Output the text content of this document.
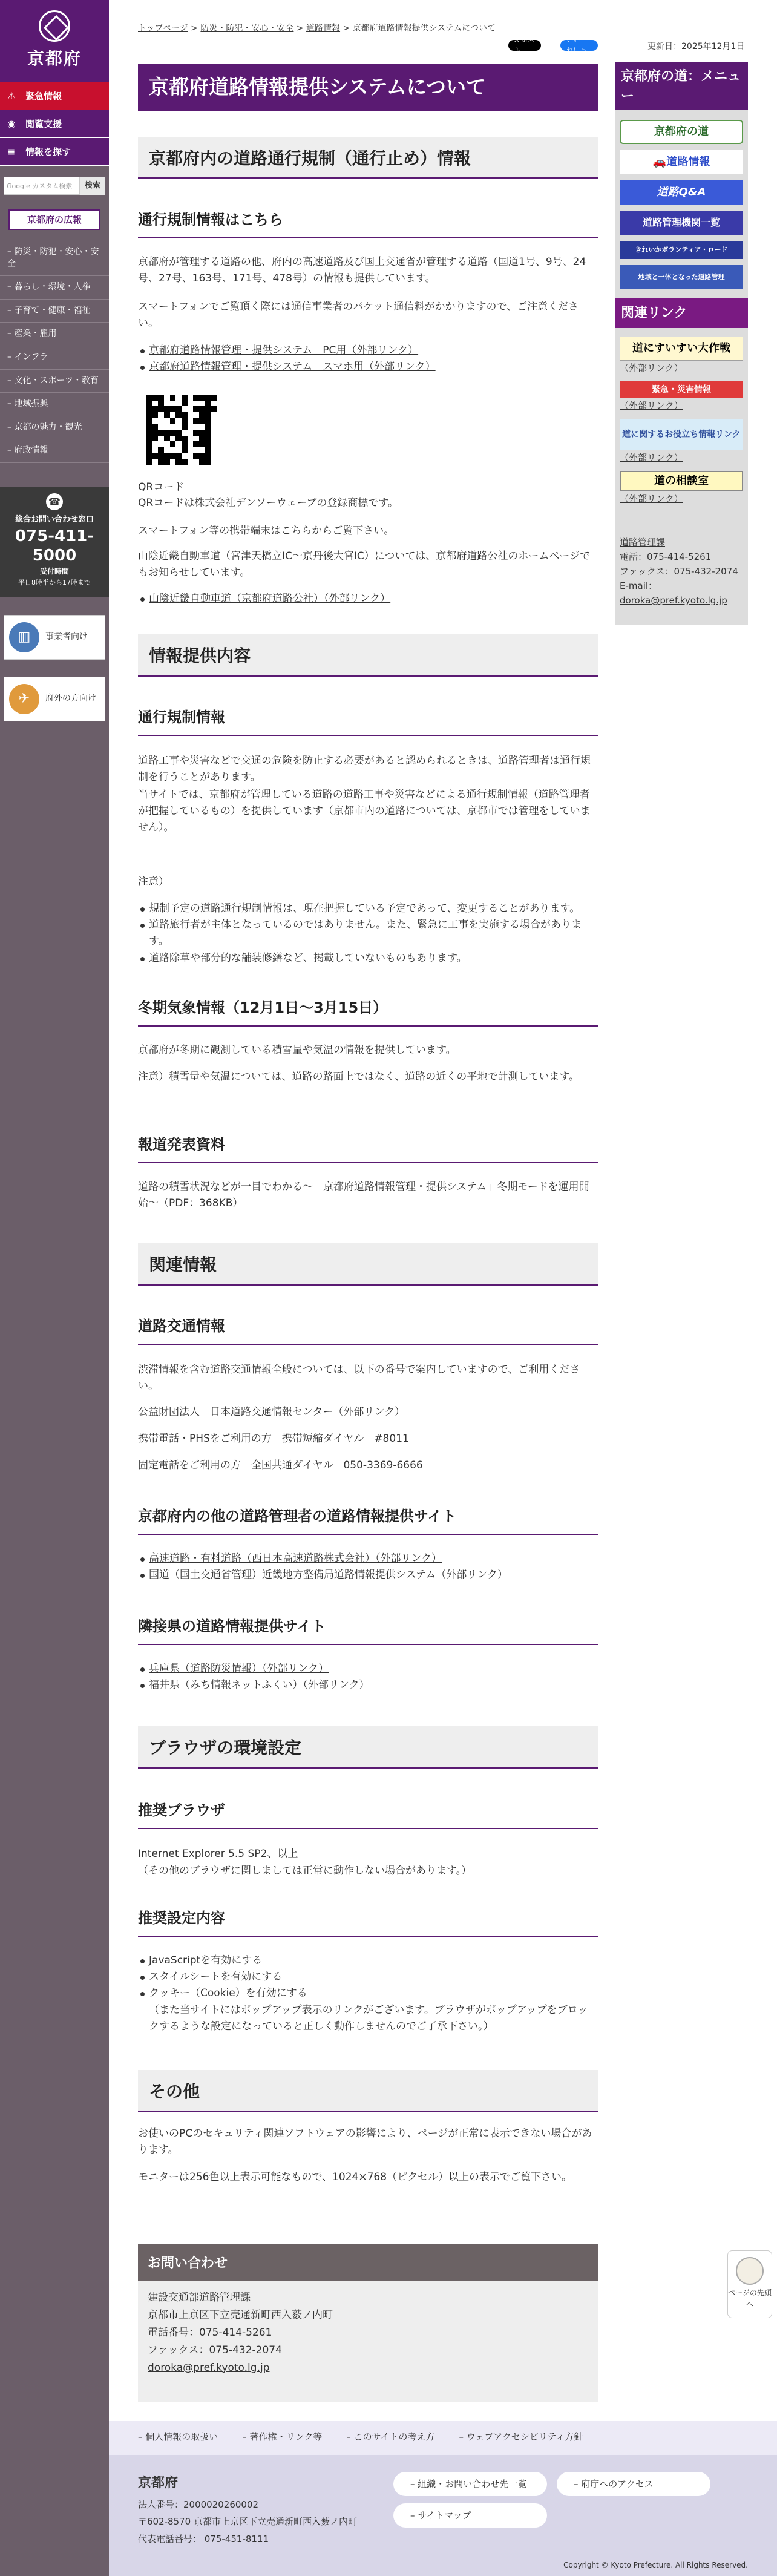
京都府
⚠	緊急情報
◉	閲覧支援
≡	情報を探す
Google カスタム検索	検索
京都府の広報
– 防災・防犯・安心・安全
– 暮らし・環境・人権
– 子育て・健康・福祉
– 産業・雇用
– インフラ
– 文化・スポーツ・教育
– 地域振興
– 京都の魅力・観光
– 府政情報
☎
総合お問い合わせ窓口
075-411-5000
受付時間
平日8時半から17時まで
▥	事業者向け
✈	府外の方向け
トップページ > 防災・防犯・安心・安全 > 道路情報 > 京都府道路情報提供システムについて
X ポスト
いいね！ 5	更新日：2025年12月1日
京都府道路情報提供システムについて
京都府内の道路通行規制（通行止め）情報
通行規制情報はこちら
京都府が管理する道路の他、府内の高速道路及び国土交通省が管理する道路（国道1号、9号、24号、27号、163号、171号、478号）の情報も提供しています。
スマートフォンでご覧頂く際には通信事業者のパケット通信料がかかりますので、ご注意ください。
京都府道路情報管理・提供システム　PC用（外部リンク）
京都府道路情報管理・提供システム　スマホ用（外部リンク）
QRコード
QRコードは株式会社デンソーウェーブの登録商標です。
スマートフォン等の携帯端末はこちらからご覧下さい。
山陰近畿自動車道（宮津天橋立IC〜京丹後大宮IC）については、京都府道路公社のホームページでもお知らせしています。
山陰近畿自動車道（京都府道路公社）（外部リンク）
情報提供内容
通行規制情報
道路工事や災害などで交通の危険を防止する必要があると認められるときは、道路管理者は通行規制を行うことがあります。
当サイトでは、京都府が管理している道路の道路工事や災害などによる通行規制情報（道路管理者が把握しているもの）を提供しています（京都市内の道路については、京都市では管理をしていません）。
注意）
規制予定の道路通行規制情報は、現在把握している予定であって、変更することがあります。
道路旅行者が主体となっているのではありません。また、緊急に工事を実施する場合があります。
道路除草や部分的な舗装修繕など、掲載していないものもあります。
冬期気象情報（12月1日〜3月15日）
京都府が冬期に観測している積雪量や気温の情報を提供しています。
注意）積雪量や気温については、道路の路面上ではなく、道路の近くの平地で計測しています。
報道発表資料
道路の積雪状況などが一目でわかる〜「京都府道路情報管理・提供システム」冬期モードを運用開始〜（PDF：368KB）
関連情報
道路交通情報
渋滞情報を含む道路交通情報全般については、以下の番号で案内していますので、ご利用ください。
公益財団法人　日本道路交通情報センター（外部リンク）
携帯電話・PHSをご利用の方　携帯短縮ダイヤル　#8011
固定電話をご利用の方　全国共通ダイヤル　050-3369-6666
京都府内の他の道路管理者の道路情報提供サイト
高速道路・有料道路（西日本高速道路株式会社）（外部リンク）
国道（国土交通省管理）近畿地方整備局道路情報提供システム（外部リンク）
隣接県の道路情報提供サイト
兵庫県（道路防災情報）（外部リンク）
福井県（みち情報ネットふくい）（外部リンク）
ブラウザの環境設定
推奨ブラウザ
Internet Explorer 5.5 SP2、以上
（その他のブラウザに関しましては正常に動作しない場合があります。）
推奨設定内容
JavaScriptを有効にする
スタイルシートを有効にする
クッキー（Cookie）を有効にする
（また当サイトにはポップアップ表示のリンクがございます。ブラウザがポップアップをブロックするような設定になっていると正しく動作しませんのでご了承下さい。）
その他
お使いのPCのセキュリティ関連ソフトウェアの影響により、ページが正常に表示できない場合があります。
モニターは256色以上表示可能なもので、1024×768（ピクセル）以上の表示でご覧下さい。
お問い合わせ
建設交通部道路管理課
京都市上京区下立売通新町西入薮ノ内町
電話番号：075-414-5261
ファックス：075-432-2074
doroka@pref.kyoto.lg.jp
京都府の道：メニュー
京都府の道
🚗 道路情報
道路Q&A
道路管理機関一覧
きれいかボランティア・ロード
地域と一体となった道路管理
関連リンク
道にすいすい大作戦
（外部リンク）
緊急・災害情報
（外部リンク）
道に関するお役立ち情報リンク
（外部リンク）
道の相談室
（外部リンク）
道路管理課
電話：075-414-5261
ファックス：075-432-2074
E-mail：
doroka@pref.kyoto.lg.jp
ページの先頭へ
– 個人情報の取扱い	– 著作権・リンク等	– このサイトの考え方	– ウェブアクセシビリティ方針
京都府
法人番号：2000020260002
〒602-8570 京都市上京区下立売通新町西入薮ノ内町
代表電話番号： 075-451-8111
– 組織・お問い合わせ先一覧	– 府庁へのアクセス
– サイトマップ
Copyright © Kyoto Prefecture. All Rights Reserved.
